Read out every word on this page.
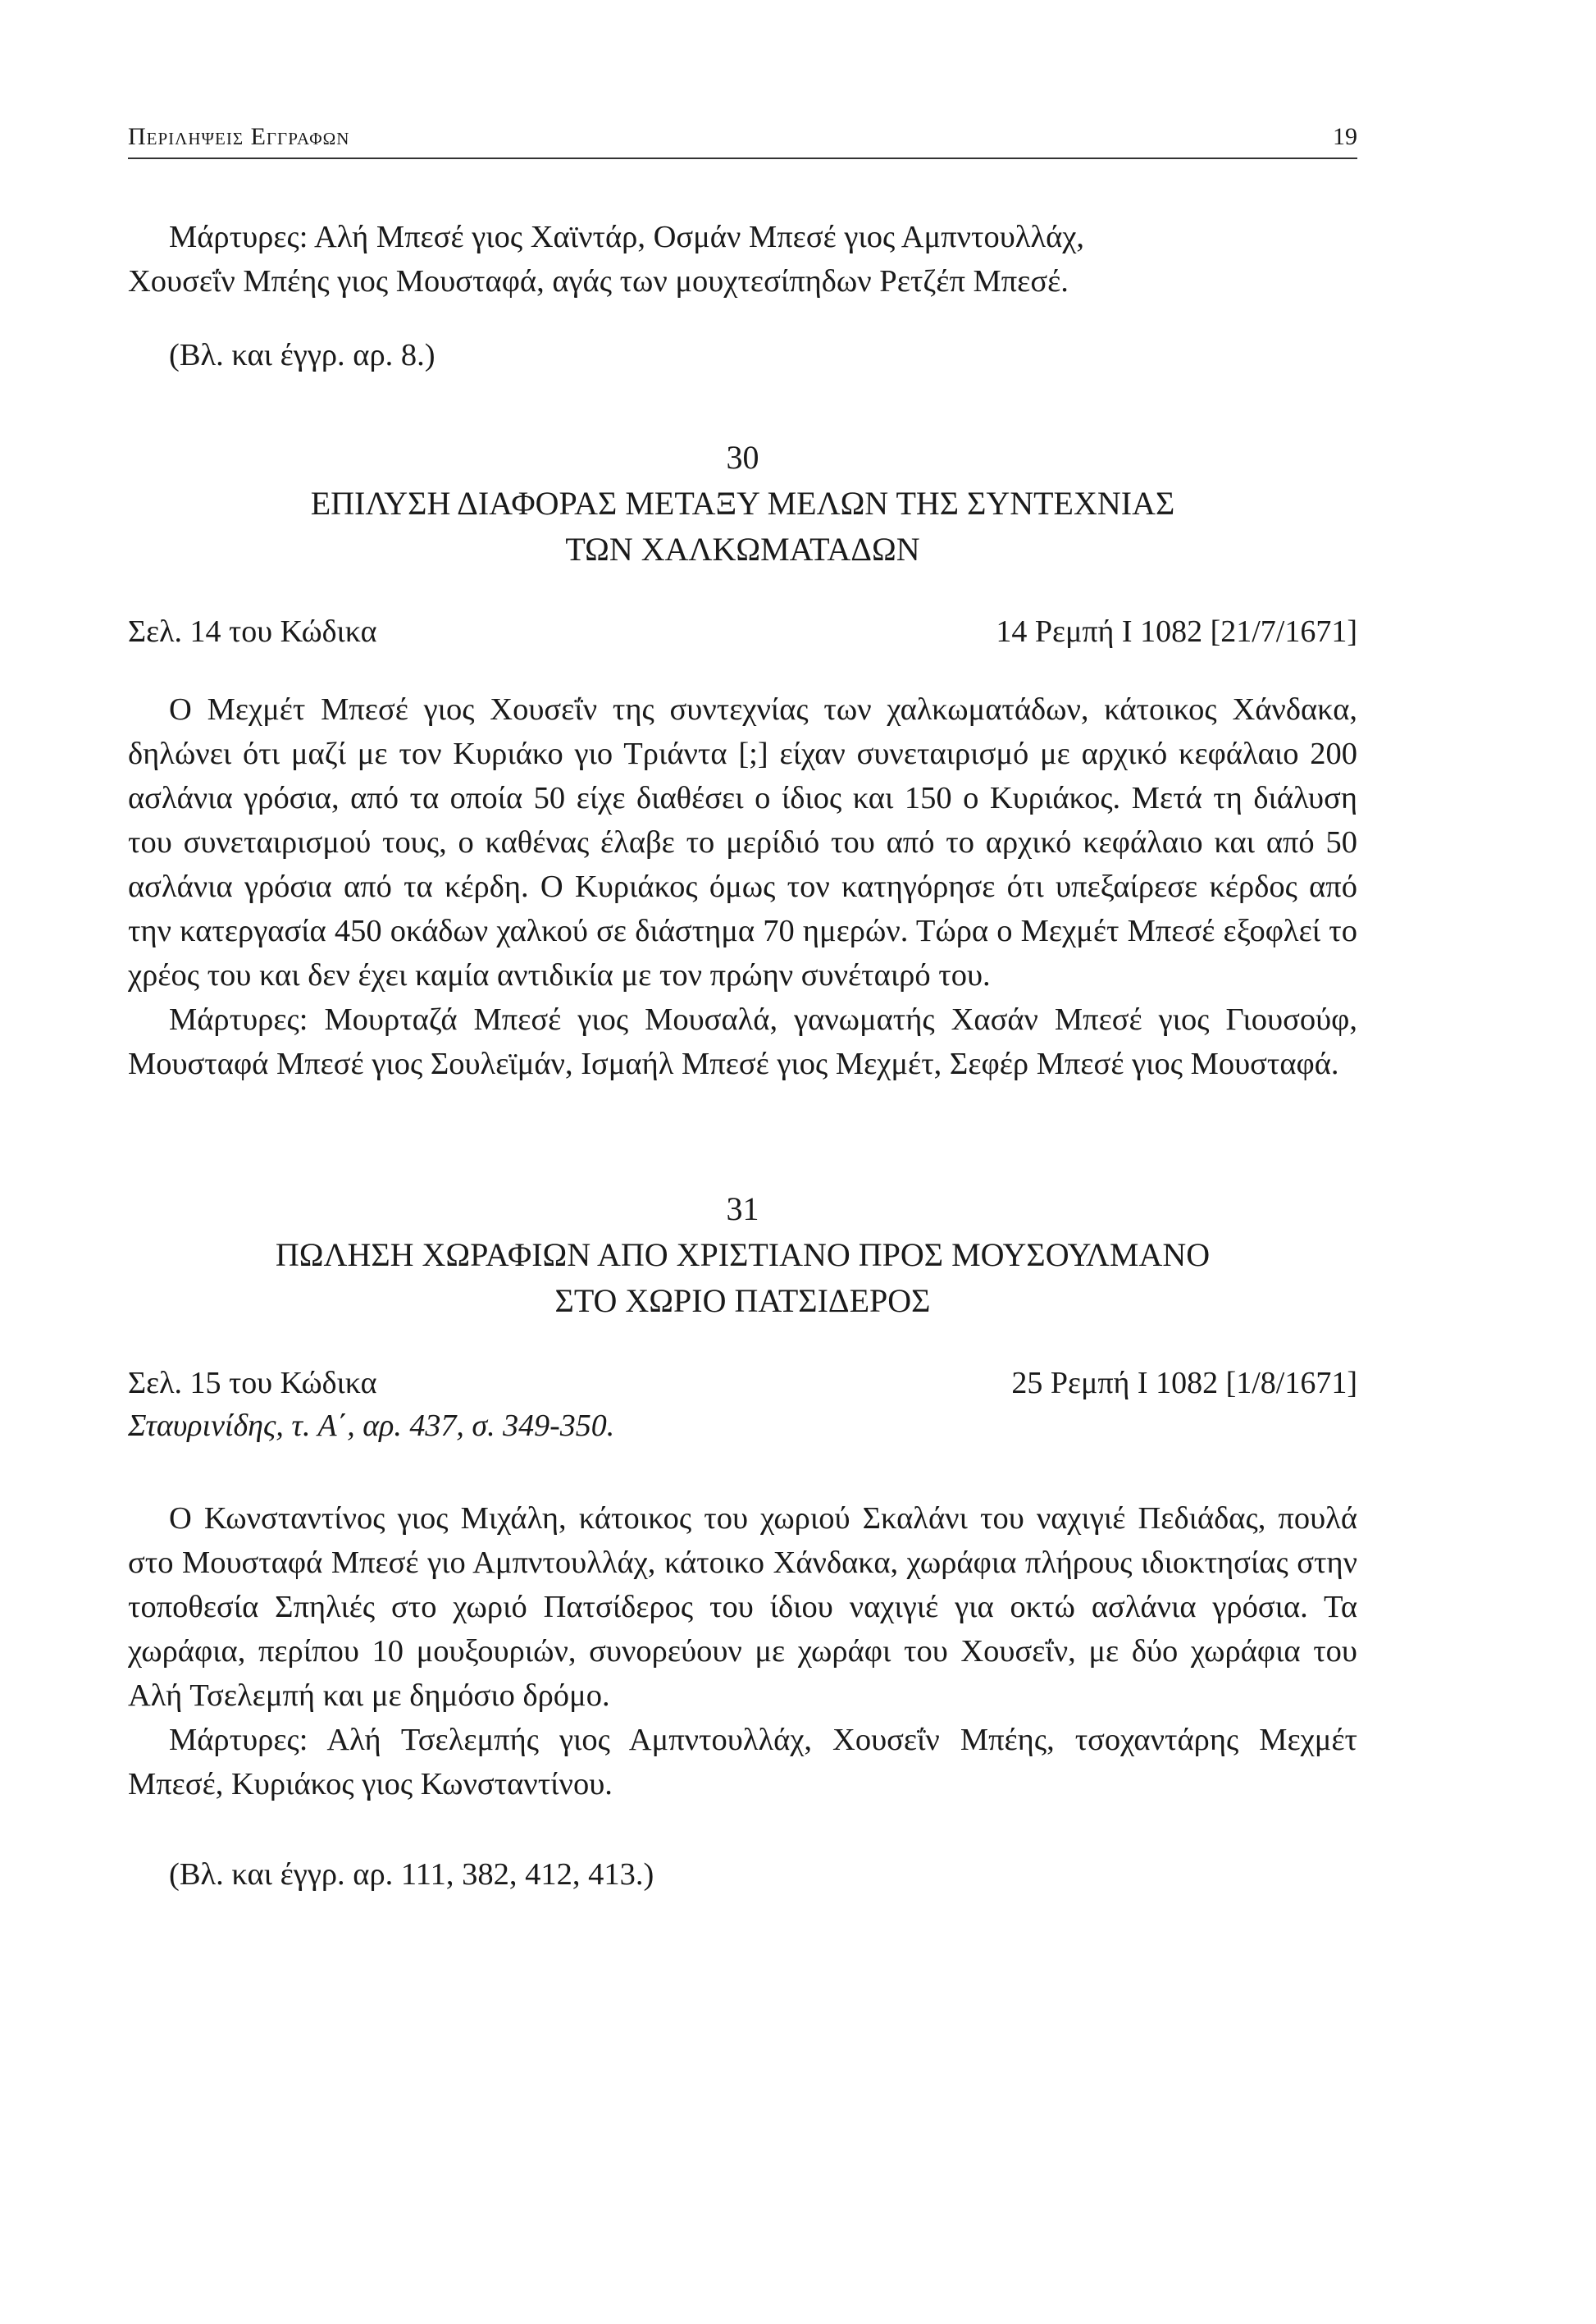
Περιληψεισ Εγγραφων	19

Μάρτυρες: Αλή Μπεσέ γιος Χαϊντάρ, Οσμάν Μπεσέ γιος Αμπντουλλάχ,

Χουσεΐν Μπέης γιος Μουσταφά, αγάς των μουχτεσίπηδων Ρετζέπ Μπεσέ.

(Βλ. και έγγρ. αρ. 8.)

30

ΕΠΙΛΥΣΗ ΔΙΑΦΟΡΑΣ ΜΕΤΑΞΥ ΜΕΛΩΝ ΤΗΣ ΣΥΝΤΕΧΝΙΑΣ

ΤΩΝ ΧΑΛΚΩΜΑΤΑΔΩΝ

Σελ. 14 του Κώδικα	14 Ρεμπή Ι 1082 [21/7/1671]

Ο Μεχμέτ Μπεσέ γιος Χουσεΐν της συντεχνίας των χαλκωματάδων, κάτοικος Χάνδακα, δηλώνει ότι μαζί με τον Κυριάκο γιο Τριάντα [;] είχαν συνεταιρισμό με αρχικό κεφάλαιο 200 ασλάνια γρόσια, από τα οποία 50 είχε διαθέσει ο ίδιος και 150 ο Κυριάκος. Μετά τη διάλυση του συνεταιρισμού τους, ο καθένας έλαβε το μερίδιό του από το αρχικό κεφάλαιο και από 50 ασλάνια γρόσια από τα κέρδη. Ο Κυριάκος όμως τον κατηγόρησε ότι υπεξαίρεσε κέρδος από την κατεργασία 450 οκάδων χαλκού σε διάστημα 70 ημερών. Τώρα ο Μεχμέτ Μπεσέ εξοφλεί το χρέος του και δεν έχει καμία αντιδικία με τον πρώην συνέταιρό του.

Μάρτυρες: Μουρταζά Μπεσέ γιος Μουσαλά, γανωματής Χασάν Μπεσέ γιος Γιουσούφ, Μουσταφά Μπεσέ γιος Σουλεϊμάν, Ισμαήλ Μπεσέ γιος Μεχμέτ, Σεφέρ Μπεσέ γιος Μουσταφά.

31

ΠΩΛΗΣΗ ΧΩΡΑΦΙΩΝ ΑΠΟ ΧΡΙΣΤΙΑΝΟ ΠΡΟΣ ΜΟΥΣΟΥΛΜΑΝΟ

ΣΤΟ ΧΩΡΙΟ ΠΑΤΣΙΔΕΡΟΣ

Σελ. 15 του Κώδικα	25 Ρεμπή Ι 1082 [1/8/1671]
Σταυρινίδης, τ. Α΄, αρ. 437, σ. 349-350.

Ο Κωνσταντίνος γιος Μιχάλη, κάτοικος του χωριού Σκαλάνι του ναχιγιέ Πεδιάδας, πουλά στο Μουσταφά Μπεσέ γιο Αμπντουλλάχ, κάτοικο Χάνδακα, χωράφια πλήρους ιδιοκτησίας στην τοποθεσία Σπηλιές στο χωριό Πατσίδερος του ίδιου ναχιγιέ για οκτώ ασλάνια γρόσια. Τα χωράφια, περίπου 10 μουξουριών, συνορεύουν με χωράφι του Χουσεΐν, με δύο χωράφια του Αλή Τσελεμπή και με δημόσιο δρόμο.

Μάρτυρες: Αλή Τσελεμπής γιος Αμπντουλλάχ, Χουσεΐν Μπέης, τσοχαντάρης Μεχμέτ Μπεσέ, Κυριάκος γιος Κωνσταντίνου.

(Βλ. και έγγρ. αρ. 111, 382, 412, 413.)
